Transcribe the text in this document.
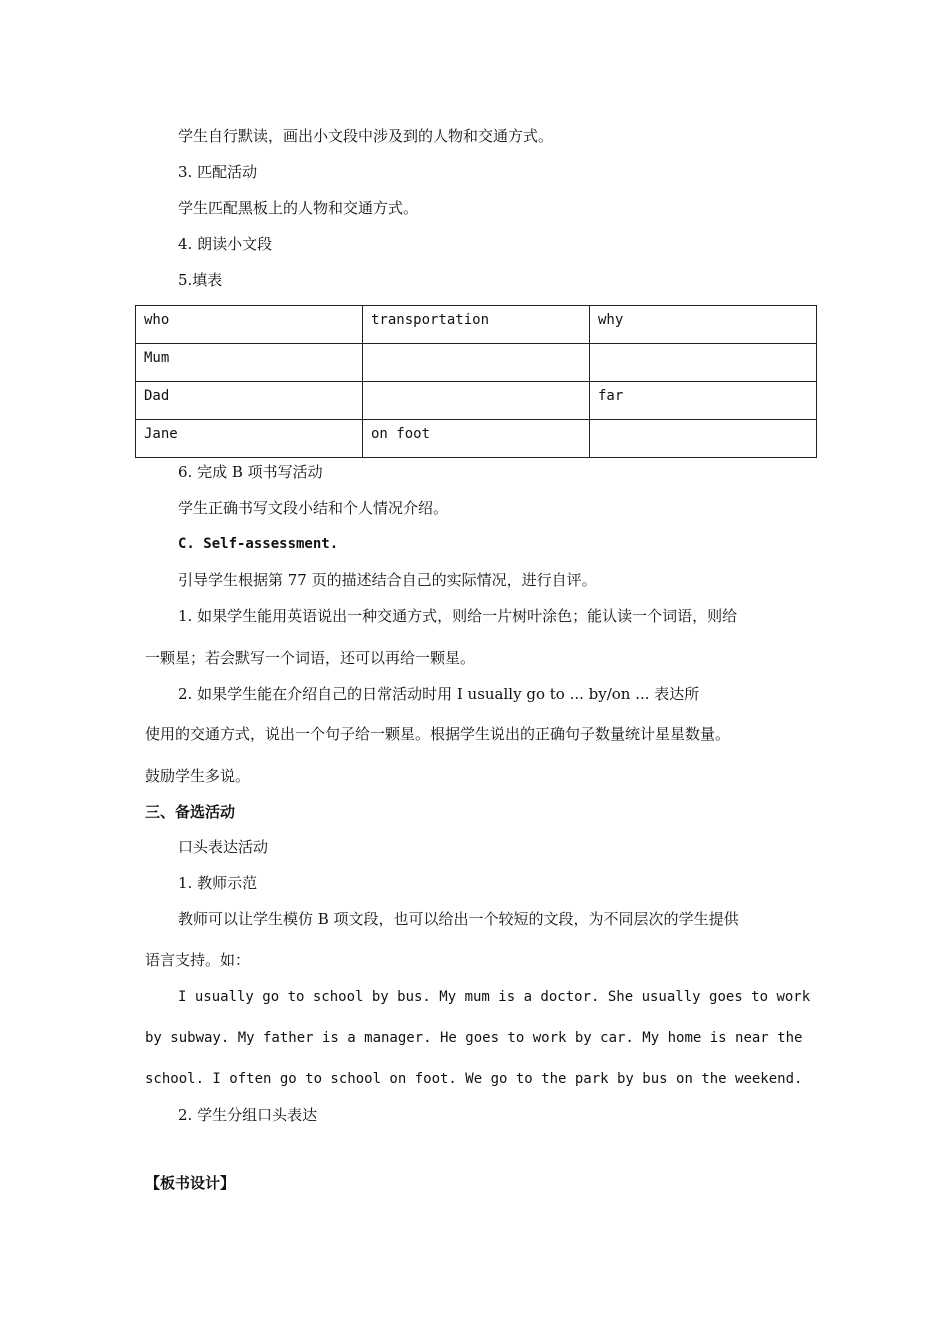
学生自行默读，画出小文段中涉及到的人物和交通方式。
3. 匹配活动
学生匹配黑板上的人物和交通方式。
4. 朗读小文段
5.填表
who	transportation	why
Mum		
Dad		far
Jane	on foot	
6. 完成 B 项书写活动
学生正确书写文段小结和个人情况介绍。
C. Self-assessment.
引导学生根据第 77 页的描述结合自己的实际情况，进行自评。
1. 如果学生能用英语说出一种交通方式，则给一片树叶涂色；能认读一个词语，则给
一颗星；若会默写一个词语，还可以再给一颗星。
2. 如果学生能在介绍自己的日常活动时用 I usually go to ... by/on ... 表达所
使用的交通方式，说出一个句子给一颗星。根据学生说出的正确句子数量统计星星数量。
鼓励学生多说。
三、备选活动
口头表达活动
1. 教师示范
教师可以让学生模仿 B 项文段，也可以给出一个较短的文段，为不同层次的学生提供
语言支持。如：
I usually go to school by bus. My mum is a doctor. She usually goes to work
by subway. My father is a manager. He goes to work by car. My home is near the
school. I often go to school on foot. We go to the park by bus on the weekend.
2. 学生分组口头表达
【板书设计】
